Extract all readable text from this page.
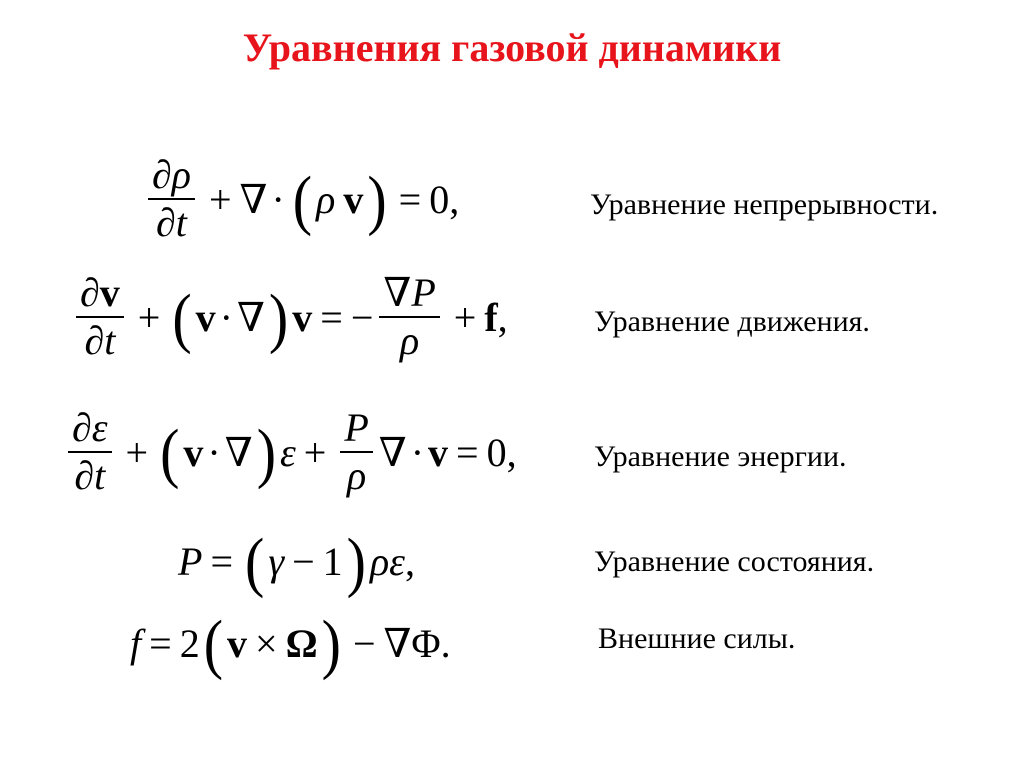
Уравнения газовой динамики
$\frac{\partial\rho}{\partial t}$ + ∇ · ( ρ v ) = 0,	Уравнение непрерывности.
$\frac{\partial v}{\partial t}$ + ( v · ∇ ) v = − $\frac{\nabla P}{\rho} + f$ ,	Уравнение движения.
$\frac{\partial\varepsilon}{\partial t}$ + ( v · ∇ ) $\varepsilon + \frac{P}{\rho}$ ∇ · v = 0,	Уравнение энергии.
P = ( γ − 1 ) ρε ,	Уравнение состояния.
f = 2 ( v × Ω ) − ∇Φ.	Внешние силы.
